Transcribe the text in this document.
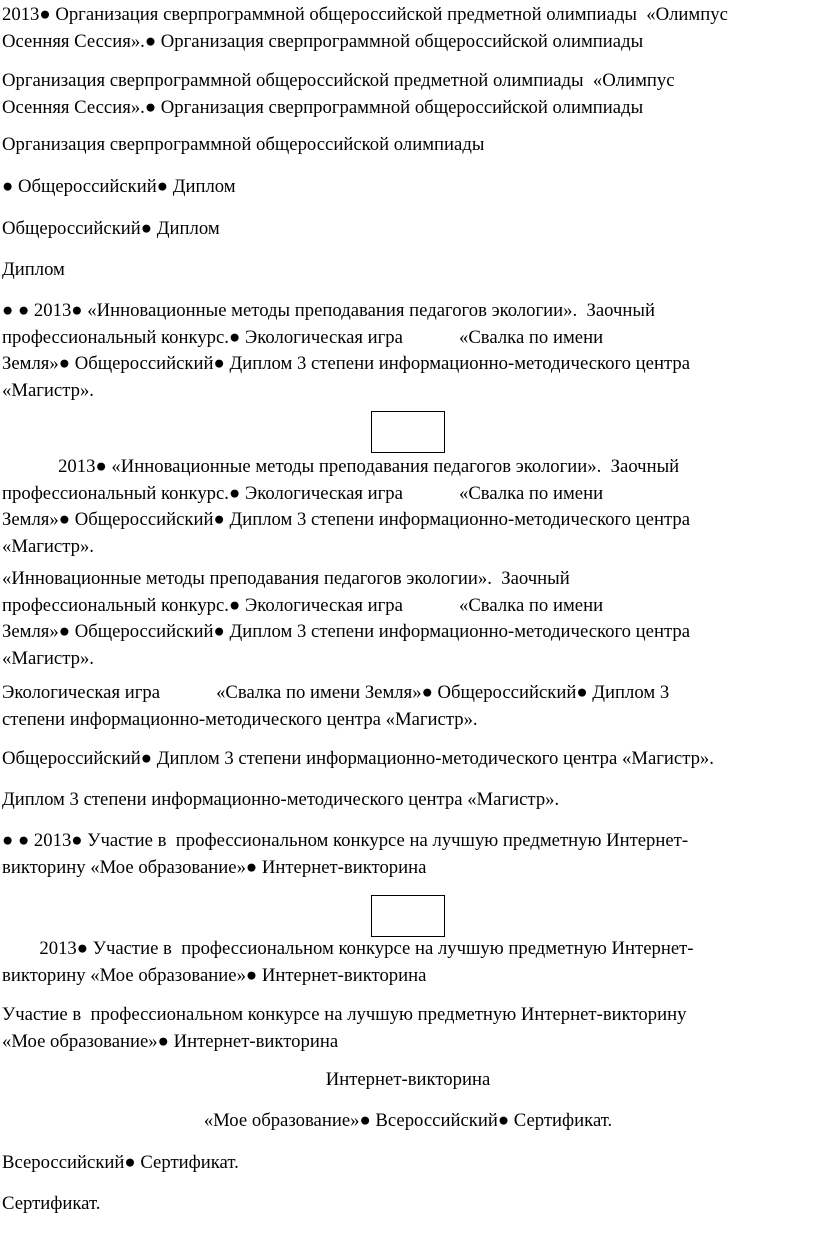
2013● Организация сверпрограммной общероссийской предметной олимпиады  «Олимпус
Осенняя Сессия».● Организация сверпрограммной общероссийской олимпиады
Организация сверпрограммной общероссийской предметной олимпиады  «Олимпус
Осенняя Сессия».● Организация сверпрограммной общероссийской олимпиады
Организация сверпрограммной общероссийской олимпиады
● Общероссийский● Диплом
Общероссийский● Диплом
Диплом
● ● 2013● «Инновационные методы преподавания педагогов экологии».  Заочный
профессиональный конкурс.● Экологическая игра            «Свалка по имени
Земля»● Общероссийский● Диплом 3 степени информационно-методического центра
«Магистр».
2013● «Инновационные методы преподавания педагогов экологии».  Заочный
профессиональный конкурс.● Экологическая игра            «Свалка по имени
Земля»● Общероссийский● Диплом 3 степени информационно-методического центра
«Магистр».
«Инновационные методы преподавания педагогов экологии».  Заочный
профессиональный конкурс.● Экологическая игра            «Свалка по имени
Земля»● Общероссийский● Диплом 3 степени информационно-методического центра
«Магистр».
Экологическая игра            «Свалка по имени Земля»● Общероссийский● Диплом 3
степени информационно-методического центра «Магистр».
Общероссийский● Диплом 3 степени информационно-методического центра «Магистр».
Диплом 3 степени информационно-методического центра «Магистр».
● ● 2013● Участие в  профессиональном конкурсе на лучшую предметную Интернет-
викторину «Мое образование»● Интернет-викторина
2013● Участие в  профессиональном конкурсе на лучшую предметную Интернет-
викторину «Мое образование»● Интернет-викторина
Участие в  профессиональном конкурсе на лучшую предметную Интернет-викторину
«Мое образование»● Интернет-викторина
Интернет-викторина
«Мое образование»● Всероссийский● Сертификат.
Всероссийский● Сертификат.
Сертификат.
